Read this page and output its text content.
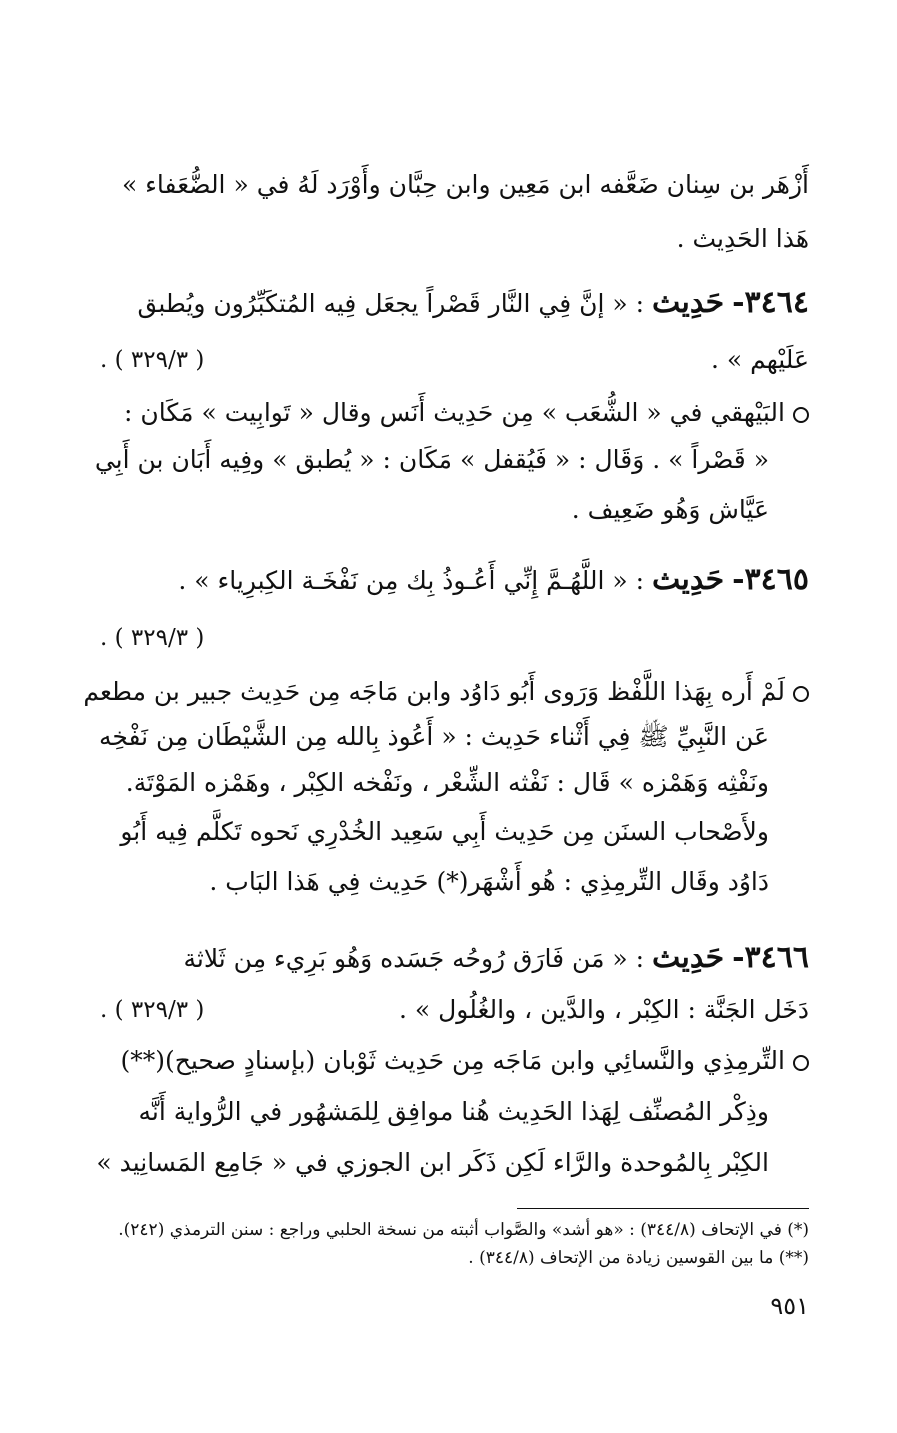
أَزْهَر بن سِنان ضَعَّفه ابن مَعِين وابن حِبَّان وأَوْرَد لَهُ في « الضُّعَفاء »
هَذا الحَدِيث .
٣٤٦٤- حَدِيث : « إنَّ فِي النَّار قَصْراً يجعَل فِيه المُتكَبِّرُون ويُطبق
عَلَيْهم » .
( ٣٢٩/٣ ) .
البَيْهقي في « الشُّعَب » مِن حَدِيث أَنَس وقال « تَوابِيت » مَكَان :
« قَصْراً » . وَقَال : « فَيُقفل » مَكَان : « يُطبق » وفِيه أَبَان بن أَبِي
عَيَّاش وَهُو ضَعِيف .
٣٤٦٥- حَدِيث : « اللَّهُـمَّ إِنِّي أَعُـوذُ بِك مِن نَفْخَـة الكِبرِياء » .
( ٣٢٩/٣ ) .
لَمْ أَره بِهَذا اللَّفْظ وَرَوى أَبُو دَاوُد وابن مَاجَه مِن حَدِيث جبير بن مطعم
عَن النَّبِيِّ ﷺ فِي أَثْناء حَدِيث : « أَعُوذ بِالله مِن الشَّيْطَان مِن نَفْخِه
ونَفْثِه وَهَمْزه » قَال : نَفْثه الشِّعْر ، ونَفْخه الكِبْر ، وهَمْزه المَوْتَة.
ولأَصْحاب السنَن مِن حَدِيث أَبِي سَعِيد الخُدْرِي نَحوه تَكلَّم فِيه أَبُو
دَاوُد وقَال التِّرمِذِي : هُو أَشْهَر(*) حَدِيث فِي هَذا البَاب .
٣٤٦٦- حَدِيث : « مَن فَارَق رُوحُه جَسَده وَهُو بَرِيء مِن ثَلاثة
دَخَل الجَنَّة : الكِبْر ، والدَّين ، والغُلُول » .
( ٣٢٩/٣ ) .
التِّرمِذِي والنَّسائِي وابن مَاجَه مِن حَدِيث ثَوْبان (بإسنادٍ صحيح)(**)
وذِكْر المُصنِّف لِهَذا الحَدِيث هُنا موافِق لِلمَشهُور في الرُّواية أَنَّه
الكِبْر بِالمُوحدة والرَّاء لَكِن ذَكَر ابن الجوزي في « جَامِع المَسانِيد »
(*) في الإتحاف (٣٤٤/٨) : «هو أشد» والصَّواب أثبته من نسخة الحلبي وراجع : سنن الترمذي (٢٤٢).
(**) ما بين القوسين زيادة من الإتحاف (٣٤٤/٨) .
٩٥١
